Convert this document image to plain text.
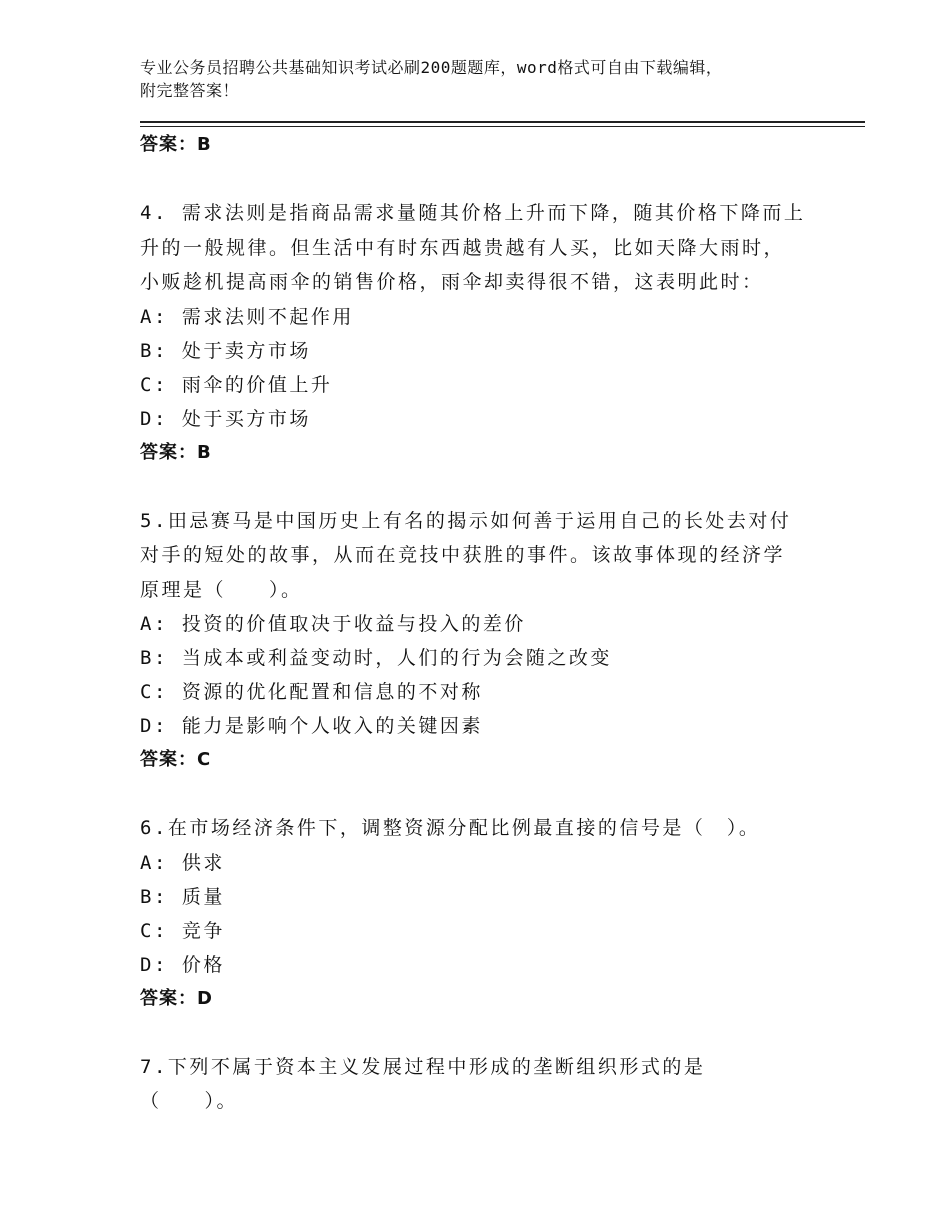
专业公务员招聘公共基础知识考试必刷200题题库，word格式可自由下载编辑，
附完整答案！
答案：B
4. 需求法则是指商品需求量随其价格上升而下降，随其价格下降而上
升的一般规律。但生活中有时东西越贵越有人买，比如天降大雨时，
小贩趁机提高雨伞的销售价格，雨伞却卖得很不错，这表明此时：
A: 需求法则不起作用
B: 处于卖方市场
C: 雨伞的价值上升
D: 处于买方市场
答案：B
5.田忌赛马是中国历史上有名的揭示如何善于运用自己的长处去对付
对手的短处的故事，从而在竞技中获胜的事件。该故事体现的经济学
原理是（　　）。
A: 投资的价值取决于收益与投入的差价
B: 当成本或利益变动时，人们的行为会随之改变
C: 资源的优化配置和信息的不对称
D: 能力是影响个人收入的关键因素
答案：C
6.在市场经济条件下，调整资源分配比例最直接的信号是（　）。
A: 供求
B: 质量
C: 竞争
D: 价格
答案：D
7.下列不属于资本主义发展过程中形成的垄断组织形式的是
（　　）。
